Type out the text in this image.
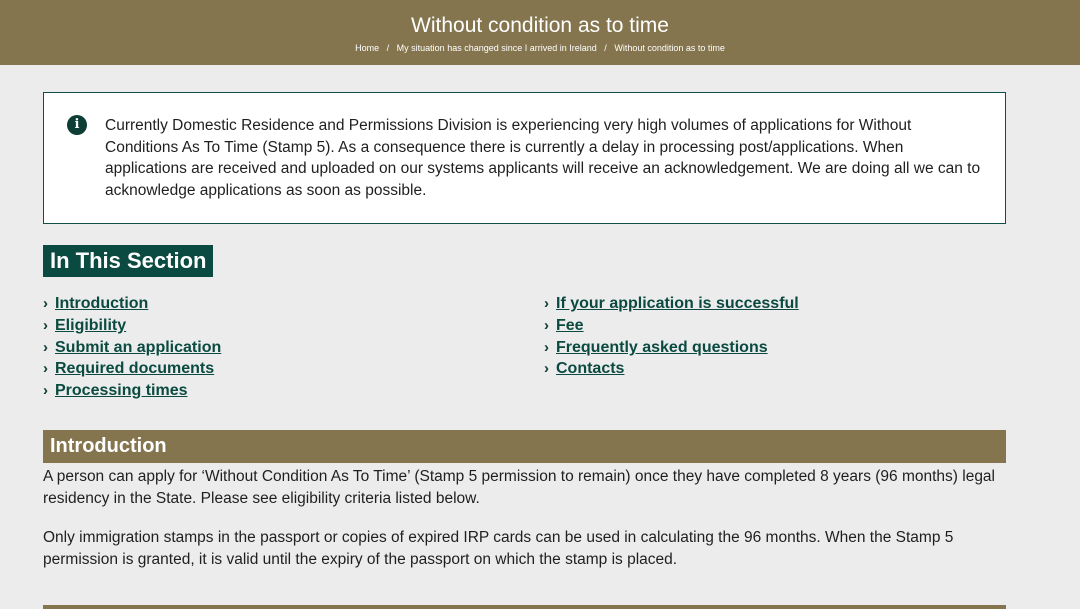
Without condition as to time
Home / My situation has changed since I arrived in Ireland / Without condition as to time
i	Currently Domestic Residence and Permissions Division is experiencing very high volumes of applications for Without Conditions As To Time (Stamp 5). As a consequence there is currently a delay in processing post/applications. When applications are received and uploaded on our systems applicants will receive an acknowledgement. We are doing all we can to acknowledge applications as soon as possible.

In This Section
› Introduction
› Eligibility
› Submit an application
› Required documents
› Processing times
› If your application is successful
› Fee
› Frequently asked questions
› Contacts
Introduction

A person can apply for ‘Without Condition As To Time’ (Stamp 5 permission to remain) once they have completed 8 years (96 months) legal residency in the State. Please see eligibility criteria listed below.

Only immigration stamps in the passport or copies of expired IRP cards can be used in calculating the 96 months. When the Stamp 5 permission is granted, it is valid until the expiry of the passport on which the stamp is placed.
